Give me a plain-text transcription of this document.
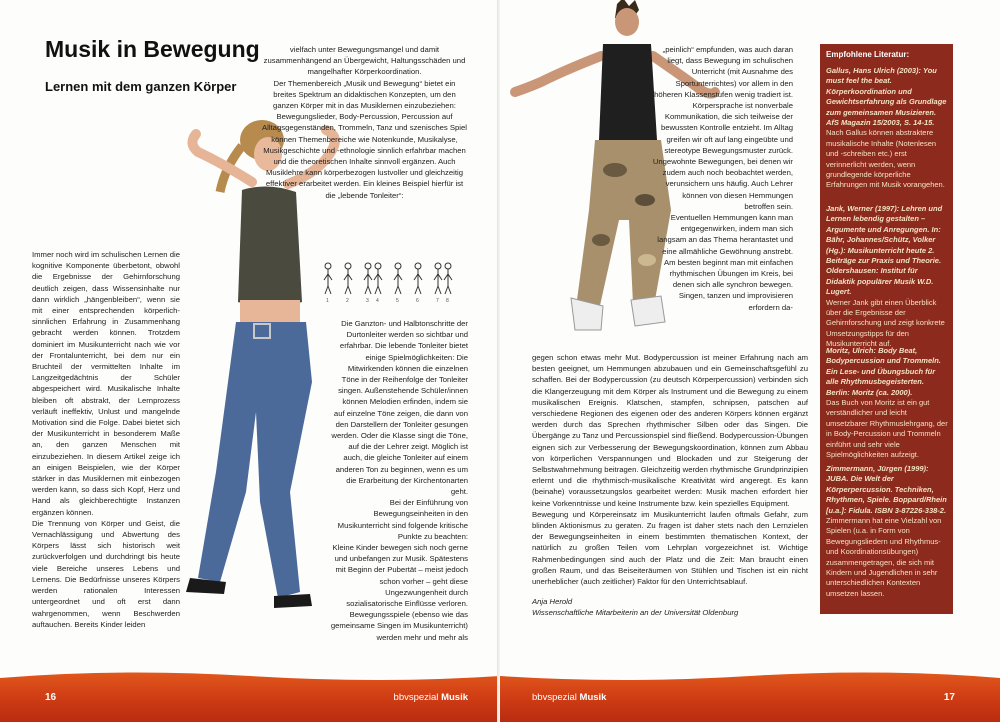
Musik in Bewegung
Lernen mit dem ganzen Körper

Immer noch wird im schulischen Lernen die kognitive Komponente überbetont, obwohl die Ergebnisse der Gehirnforschung deutlich zeigen, dass Wissensinhalte nur dann wirklich „hängenbleiben“, wenn sie mit einer entsprechenden körperlich-sinnlichen Erfahrung in Zusammenhang gebracht werden können. Trotzdem dominiert im Musikunterricht nach wie vor der Frontalunterricht, bei dem nur ein Bruchteil der vermittelten Inhalte im Langzeitgedächtnis der Schüler abgespeichert wird. Musikalische Inhalte bleiben oft abstrakt, der Lernprozess verläuft ineffektiv, Unlust und mangelnde Motivation sind die Folge. Dabei bietet sich der Musikunterricht in besonderem Maße an, den ganzen Menschen mit einzubeziehen. In diesem Artikel zeige ich an einigen Beispielen, wie der Körper stärker in das Musiklernen mit einbezogen werden kann, so dass sich Kopf, Herz und Hand als gleichberechtigte Instanzen ergänzen können.

Die Trennung von Körper und Geist, die Vernachlässigung und Abwertung des Körpers lässt sich historisch weit zurückverfolgen und durchdringt bis heute viele Bereiche unseres Lebens und Lernens. Die Bedürfnisse unseres Körpers werden rationalen Interessen untergeordnet und oft erst dann wahrgenommen, wenn Beschwerden auftauchen. Bereits Kinder leiden

vielfach unter Bewegungsmangel und damit zusammenhängend an Übergewicht, Haltungsschäden und mangelhafter Körperkoordination.
Der Themenbereich „Musik und Bewegung“ bietet ein breites Spektrum an didaktischen Konzepten, um den ganzen Körper mit in das Musiklernen einzubeziehen: Bewegungslieder, Body-Percussion, Percussion auf Alltagsgegenständen, Trommeln, Tanz und szenisches Spiel können Themenbereiche wie Notenkunde, Musikalyse, Musikgeschichte und -ethnologie sinnlich erfahrbar machen und die theoretischen Inhalte sinnvoll ergänzen. Auch Musiklehre kann körperbezogen lustvoller und gleichzeitig effektiver erarbeitet werden. Ein kleines Beispiel hierfür ist die „lebende Tonleiter“:
1	2	3 4	5	6	7 8
Die Ganzton- und Halbtonschritte der Durtonleiter werden so sichtbar und erfahrbar. Die lebende Tonleiter bietet einige Spielmöglichkeiten: Die Mitwirkenden können die einzelnen Töne in der Reihenfolge der Tonleiter singen. Außenstehende Schüler/innen können Melodien erfinden, indem sie auf einzelne Töne zeigen, die dann von den Darstellern der Tonleiter gesungen werden. Oder die Klasse singt die Töne, auf die der Lehrer zeigt. Möglich ist auch, die gleiche Tonleiter auf einem anderen Ton zu beginnen, wenn es um die Erarbeitung der Kirchentonarten geht.
Bei der Einführung von Bewegungseinheiten in den Musikunterricht sind folgende kritische Punkte zu beachten:
Kleine Kinder bewegen sich noch gerne und unbefangen zur Musik. Spätestens mit Beginn der Pubertät – meist jedoch schon vorher – geht diese Ungezwungenheit durch sozialisatorische Einflüsse verloren. Bewegungsspiele (ebenso wie das gemeinsame Singen im Musikunterricht) werden mehr und mehr als
16	bbvspezial Musik
„peinlich“ empfunden, was auch daran liegt, dass Bewegung im schulischen Unterricht (mit Ausnahme des Sportunterrichtes) vor allem in den höheren Klassenstufen wenig tradiert ist. Körpersprache ist nonverbale Kommunikation, die sich teilweise der bewussten Kontrolle entzieht. Im Alltag greifen wir oft auf lang eingeübte und stereotype Bewegungsmuster zurück. Ungewohnte Bewegungen, bei denen wir zudem auch noch beobachtet werden, verunsichern uns häufig. Auch Lehrer können von diesen Hemmungen betroffen sein.
Eventuellen Hemmungen kann man entgegenwirken, indem man sich langsam an das Thema herantastet und eine allmähliche Gewöhnung anstrebt. Am besten beginnt man mit einfachen rhythmischen Übungen im Kreis, bei denen sich alle synchron bewegen. Singen, tanzen und improvisieren erfordern da-
gegen schon etwas mehr Mut. Bodypercussion ist meiner Erfahrung nach am besten geeignet, um Hemmungen abzubauen und ein Gemeinschaftsgefühl zu schaffen. Bei der Bodypercussion (zu deutsch Körperpercussion) verbinden sich die Klangerzeugung mit dem Körper als Instrument und die Bewegung zu einem musikalischen Ereignis. Klatschen, stampfen, schnipsen, patschen auf verschiedene Regionen des eigenen oder des anderen Körpers können ergänzt werden durch das Sprechen rhythmischer Silben oder das Singen. Die Übergänge zu Tanz und Percussionspiel sind fließend. Bodypercussion-Übungen eignen sich zur Verbesserung der Bewegungskoordination, können zum Abbau von körperlichen Verspannungen und Blockaden und zur Steigerung der Selbstwahrnehmung beitragen. Gleichzeitig werden rhythmische Grundprinzipien erlernt und die rhythmisch-musikalische Kreativität wird angeregt. Es kann (beinahe) voraussetzungslos gearbeitet werden: Musik machen erfordert hier keine Vorkenntnisse und keine Instrumente bzw. kein spezielles Equipment.
Bewegung und Körpereinsatz im Musikunterricht laufen oftmals Gefahr, zum blinden Aktionismus zu geraten. Zu fragen ist daher stets nach den Lernzielen der Bewegungseinheiten in einem bestimmten thematischen Kontext, der natürlich zu großen Teilen vom Lehrplan vorgezeichnet ist. Wichtige Rahmenbedingungen sind auch der Platz und die Zeit: Man braucht einen großen Raum, und das Beiseiteräumen von Stühlen und Tischen ist ein nicht unerheblicher (auch zeitlicher) Faktor für den Unterrichtsablauf.
Anja Herold
Wissenschaftliche Mitarbeiterin an der Universität Oldenburg
Empfohlene Literatur:
Gallus, Hans Ulrich (2003): You must feel the beat. Körperkoordination und Gewichtserfahrung als Grundlage zum gemeinsamen Musizieren. AfS Magazin 15/2003, S. 14-15.
Nach Gallus können abstraktere musikalische Inhalte (Notenlesen und -schreiben etc.) erst verinnerlicht werden, wenn grundlegende körperliche Erfahrungen mit Musik vorangehen.
Jank, Werner (1997): Lehren und Lernen lebendig gestalten – Argumente und Anregungen. In: Bähr, Johannes/Schütz, Volker (Hg.): Musikunterricht heute 2. Beiträge zur Praxis und Theorie. Oldershausen: Institut für Didaktik populärer Musik W.D. Lugert.
Werner Jank gibt einen Überblick über die Ergebnisse der Gehirnforschung und zeigt konkrete Umsetzungstipps für den Musikunterricht auf.
Moritz, Ulrich: Body Beat, Bodypercussion und Trommeln. Ein Lese- und Übungsbuch für alle Rhythmusbegeisterten. Berlin: Moritz (ca. 2000).
Das Buch von Moritz ist ein gut verständlicher und leicht umsetzbarer Rhythmuslehrgang, der in Body-Percussion und Trommeln einführt und sehr viele Spielmöglichkeiten aufzeigt.
Zimmermann, Jürgen (1999): JUBA. Die Welt der Körperpercussion. Techniken, Rhythmen, Spiele. Boppard/Rhein [u.a.]: Fidula. ISBN 3-87226-338-2.
Zimmermann hat eine Vielzahl von Spielen (u.a. in Form von Bewegungsliedern und Rhythmus- und Koordinationsübungen) zusammengetragen, die sich mit Kindern und Jugendlichen in sehr unterschiedlichen Kontexten umsetzen lassen.
bbvspezial Musik	17
